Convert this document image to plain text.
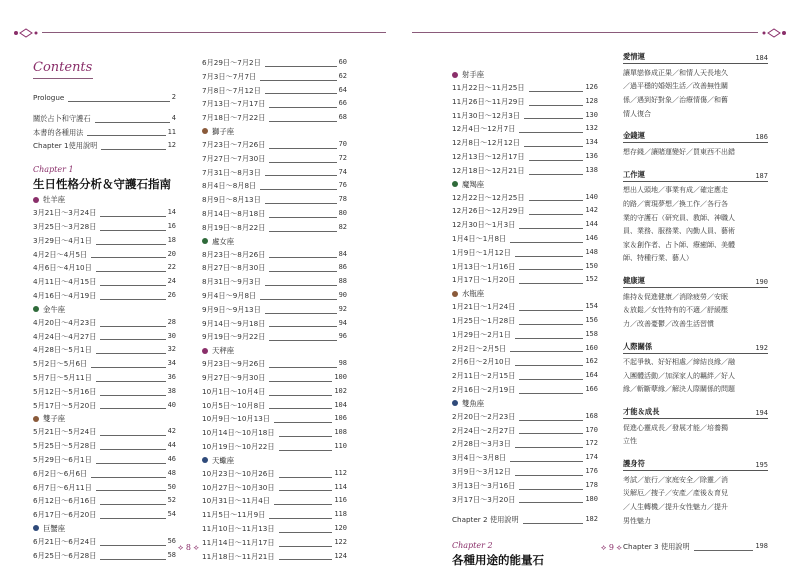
Contents
Prologue	2
關於占卜和守護石	4
本書的各種用法	11
Chapter 1使用說明	12
Chapter 1
生日性格分析＆守護石指南
牡羊座
3月21日～3月24日	14
3月25日～3月28日	16
3月29日～4月1日	18
4月2日～4月5日	20
4月6日～4月10日	22
4月11日～4月15日	24
4月16日～4月19日	26
金牛座
4月20日～4月23日	28
4月24日～4月27日	30
4月28日～5月1日	32
5月2日～5月6日	34
5月7日～5月11日	36
5月12日～5月16日	38
5月17日～5月20日	40
雙子座
5月21日～5月24日	42
5月25日～5月28日	44
5月29日～6月1日	46
6月2日～6月6日	48
6月7日～6月11日	50
6月12日～6月16日	52
6月17日～6月20日	54
巨蟹座
6月21日～6月24日	56
6月25日～6月28日	58
6月29日～7月2日	60
7月3日～7月7日	62
7月8日～7月12日	64
7月13日～7月17日	66
7月18日～7月22日	68
獅子座
7月23日～7月26日	70
7月27日～7月30日	72
7月31日～8月3日	74
8月4日～8月8日	76
8月9日～8月13日	78
8月14日～8月18日	80
8月19日～8月22日	82
處女座
8月23日～8月26日	84
8月27日～8月30日	86
8月31日～9月3日	88
9月4日～9月8日	90
9月9日～9月13日	92
9月14日～9月18日	94
9月19日～9月22日	96
天秤座
9月23日～9月26日	98
9月27日～9月30日	100
10月1日～10月4日	102
10月5日～10月8日	104
10月9日～10月13日	106
10月14日～10月18日	108
10月19日～10月22日	110
天蠍座
10月23日～10月26日	112
10月27日～10月30日	114
10月31日～11月4日	116
11月5日～11月9日	118
11月10日～11月13日	120
11月14日～11月17日	122
11月18日～11月21日	124
射手座
11月22日～11月25日	126
11月26日～11月29日	128
11月30日～12月3日	130
12月4日～12月7日	132
12月8日～12月12日	134
12月13日～12月17日	136
12月18日～12月21日	138
魔羯座
12月22日～12月25日	140
12月26日～12月29日	142
12月30日～1月3日	144
1月4日～1月8日	146
1月9日～1月12日	148
1月13日～1月16日	150
1月17日～1月20日	152
水瓶座
1月21日～1月24日	154
1月25日～1月28日	156
1月29日～2月1日	158
2月2日～2月5日	160
2月6日～2月10日	162
2月11日～2月15日	164
2月16日～2月19日	166
雙魚座
2月20日～2月23日	168
2月24日～2月27日	170
2月28日～3月3日	172
3月4日～3月8日	174
3月9日～3月12日	176
3月13日～3月16日	178
3月17日～3月20日	180
Chapter 2 使用說明	182
Chapter 2
各種用途的能量石
愛情運	184
讓單戀修成正果／和情人天長地久
／過平穩的婚姻生活／改善無性關
係／遇到好對象／治療情傷／和舊
情人復合
金錢運	186
想存錢／讓賭運變好／買東西不出錯
工作運	187
想出人頭地／事業有成／確定應走
的路／實現夢想／換工作／各行各
業的守護石（研究員、教師、神職人
員、業務、服務業、內勤人員、藝術
家＆創作者、占卜師、療癒師、美體
師、特種行業、藝人）
健康運	190
維持＆促進健康／消除疲勞／安眠
＆放鬆／女性特有的不適／舒緩壓
力／改善憂鬱／改善生活習慣
人際關係	192
不起爭執、好好相處／締結良緣／融
入團體活動／加深家人的羈絆／好人
緣／斬斷孽緣／解決人際關係的問題
才能＆成長	194
促進心靈成長／發展才能／培養獨
立性
護身符	195
考試／旅行／家庭安全／除靈／消
災解厄／捜子／安產／產後＆育兒
／人生轉機／提升女性魅力／提升
男性魅力
Chapter 3 使用說明	198
⟡ 8 ⟡	⟡ 9 ⟡
